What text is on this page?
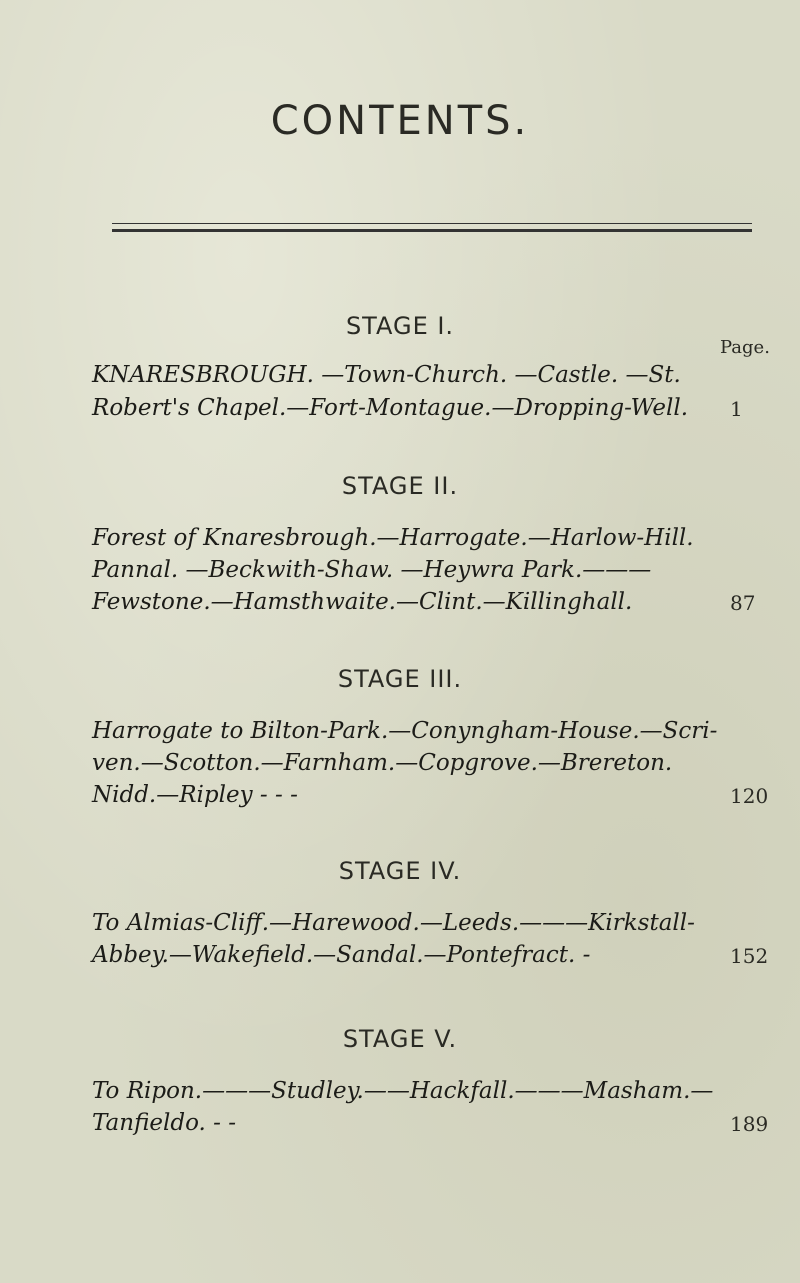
CONTENTS.
STAGE I.
Page.
KNARESBROUGH. —Town-Church. —Castle. —St.
Robert's Chapel.—Fort-Montague.—Dropping-Well.	1
STAGE II.
Forest of Knaresbrough.—Harrogate.—Harlow-Hill.
Pannal. —Beckwith-Shaw. —Heywra Park.———
Fewstone.—Hamsthwaite.—Clint.—Killinghall.	87
STAGE III.
Harrogate to Bilton-Park.—Conyngham-House.—Scri-
ven.—Scotton.—Farnham.—Copgrove.—Brereton.
Nidd.—Ripley - - -	120
STAGE IV.
To Almias-Cliff.—Harewood.—Leeds.———Kirkstall-
Abbey.—Wakefield.—Sandal.—Pontefract. -	152
STAGE V.
To Ripon.———Studley.——Hackfall.———Masham.—
Tanfieldo. - -	189
